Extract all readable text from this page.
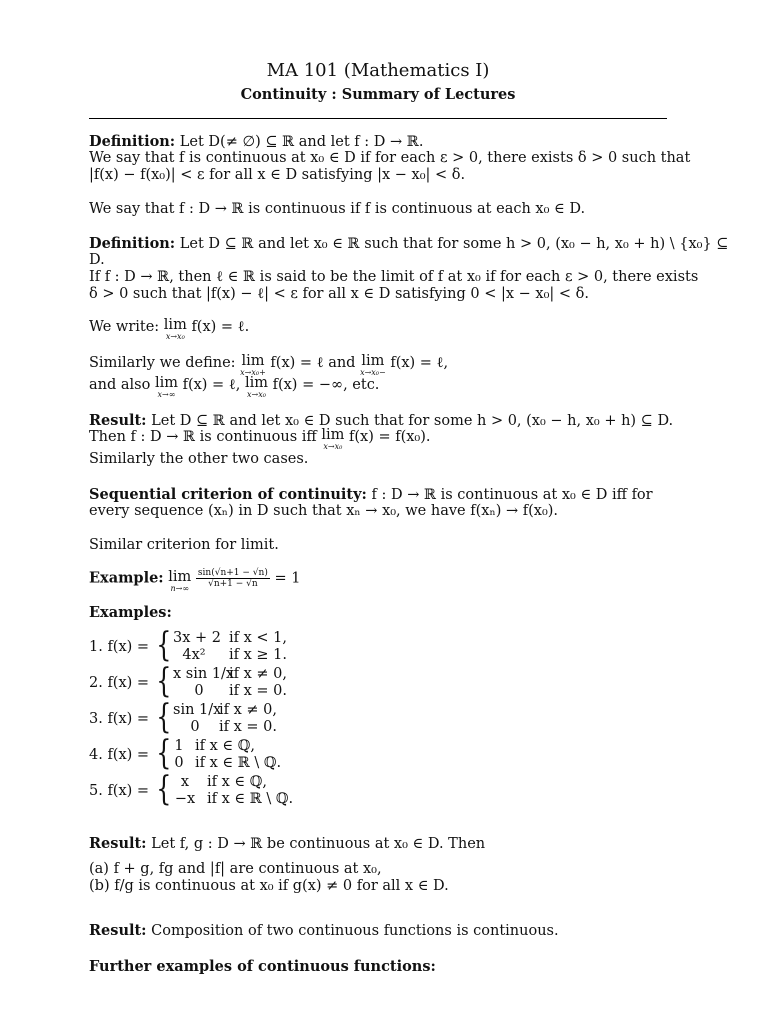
MA 101 (Mathematics I)
Continuity : Summary of Lectures
Definition: Let D(≠ ∅) ⊆ ℝ and let f : D → ℝ.
We say that f is continuous at x₀ ∈ D if for each ε > 0, there exists δ > 0 such that
|f(x) − f(x₀)| < ε for all x ∈ D satisfying |x − x₀| < δ.
We say that f : D → ℝ is continuous if f is continuous at each x₀ ∈ D.
Definition: Let D ⊆ ℝ and let x₀ ∈ ℝ such that for some h > 0, (x₀ − h, x₀ + h) \ {x₀} ⊆
D.
If f : D → ℝ, then ℓ ∈ ℝ is said to be the limit of f at x₀ if for each ε > 0, there exists
δ > 0 such that |f(x) − ℓ| < ε for all x ∈ D satisfying 0 < |x − x₀| < δ.
We write: lim
x→x₀
f(x) = ℓ.
Similarly we define: lim
x→x₀+
f(x) = ℓ and lim
x→x₀−
f(x) = ℓ,
and also lim
x→∞
f(x) = ℓ, lim
x→x₀
f(x) = −∞, etc.
Result: Let D ⊆ ℝ and let x₀ ∈ D such that for some h > 0, (x₀ − h, x₀ + h) ⊆ D.
Then f : D → ℝ is continuous iff lim
x→x₀
f(x) = f(x₀).
Similarly the other two cases.
Sequential criterion of continuity: f : D → ℝ is continuous at x₀ ∈ D iff for
every sequence (xₙ) in D such that xₙ → x₀, we have f(xₙ) → f(x₀).
Similar criterion for limit.
Example: lim
n→∞
$\frac{\sin(√n+1 - √n)}{√n+1 - √n} = 1$
Examples:
1. f(x) = { 3x + 2
4x²
if x < 1,
if x ≥ 1.
2. f(x) = { x sin 1/x
0
if x ≠ 0,
if x = 0.
3. f(x) = { sin 1/x
0
if x ≠ 0,
if x = 0.
4. f(x) = { 1
0
if x ∈ ℚ,
if x ∈ ℝ \ ℚ.
5. f(x) = { x
−x
if x ∈ ℚ,
if x ∈ ℝ \ ℚ.
Result: Let f, g : D → ℝ be continuous at x₀ ∈ D. Then
(a) f + g, fg and |f| are continuous at x₀,
(b) f/g is continuous at x₀ if g(x) ≠ 0 for all x ∈ D.
Result: Composition of two continuous functions is continuous.
Further examples of continuous functions:
